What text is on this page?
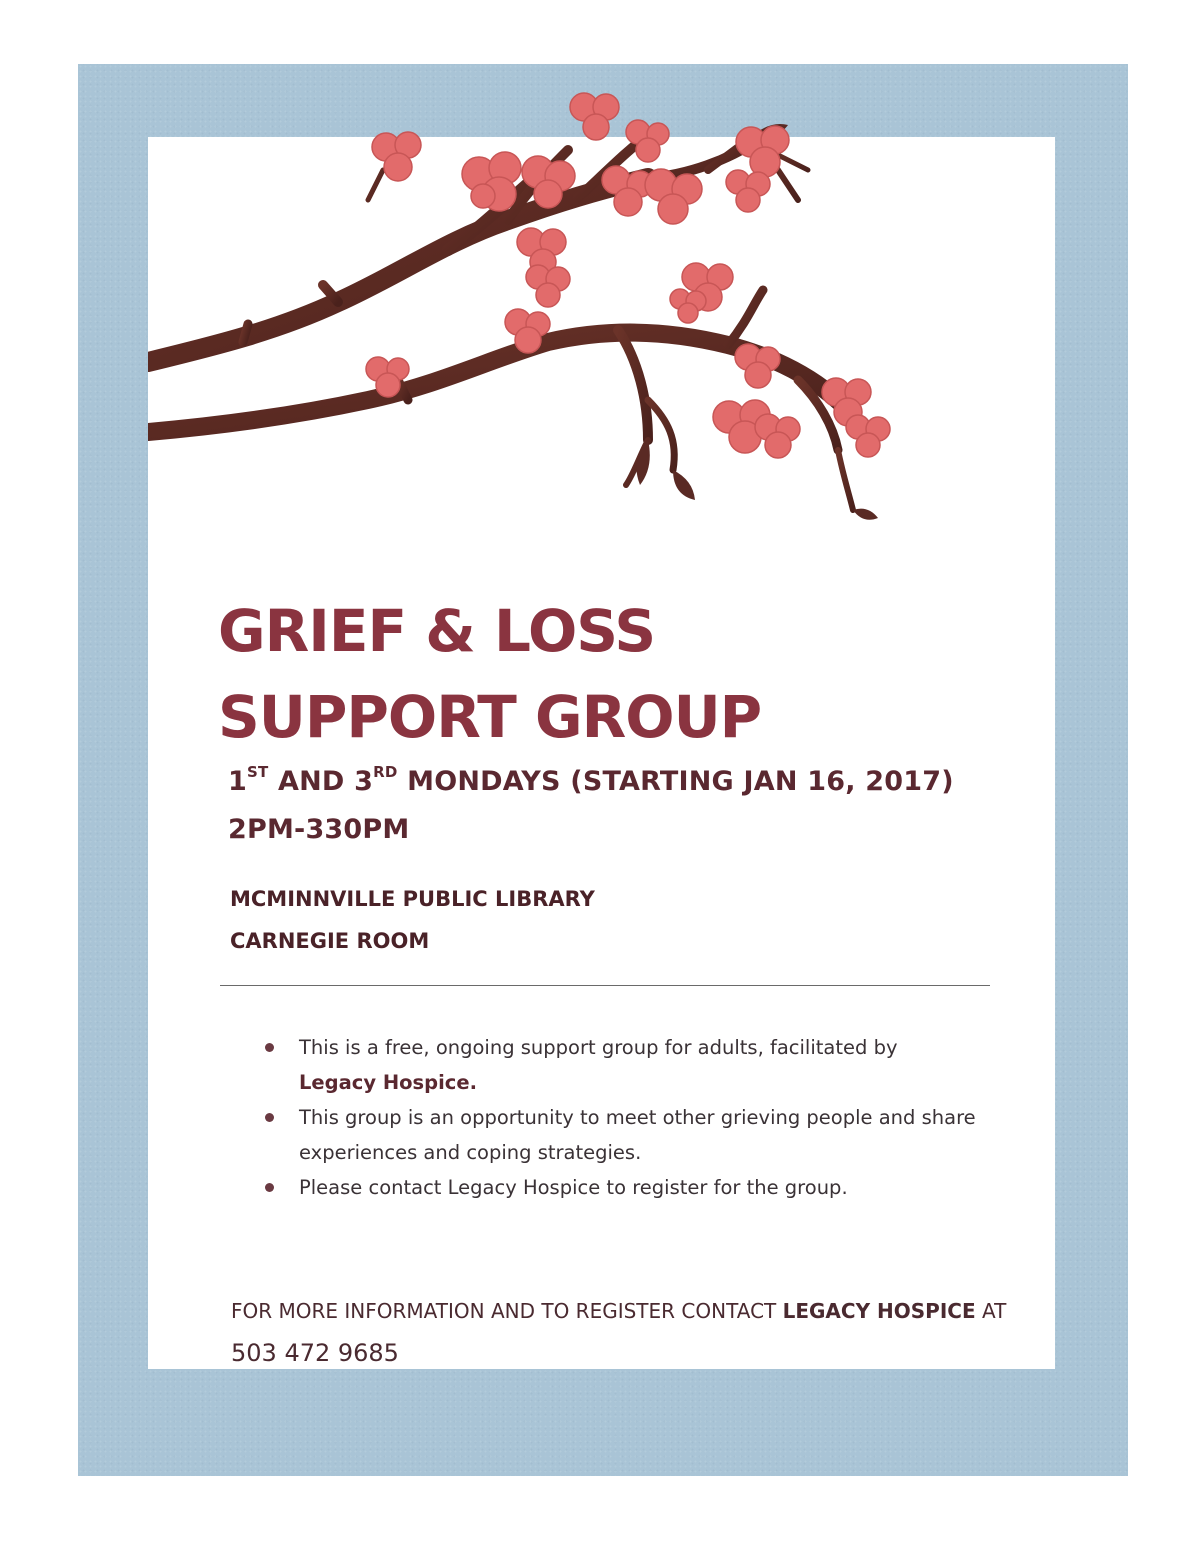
GRIEF & LOSS
SUPPORT GROUP
1ST AND 3RD MONDAYS (STARTING JAN 16, 2017)
2PM-330PM
MCMINNVILLE PUBLIC LIBRARY
CARNEGIE ROOM
This is a free, ongoing support group for adults, facilitated by
Legacy Hospice.
This group is an opportunity to meet other grieving people and share experiences and coping strategies.
Please contact Legacy Hospice to register for the group.
FOR MORE INFORMATION AND TO REGISTER CONTACT LEGACY HOSPICE AT 503 472 9685
